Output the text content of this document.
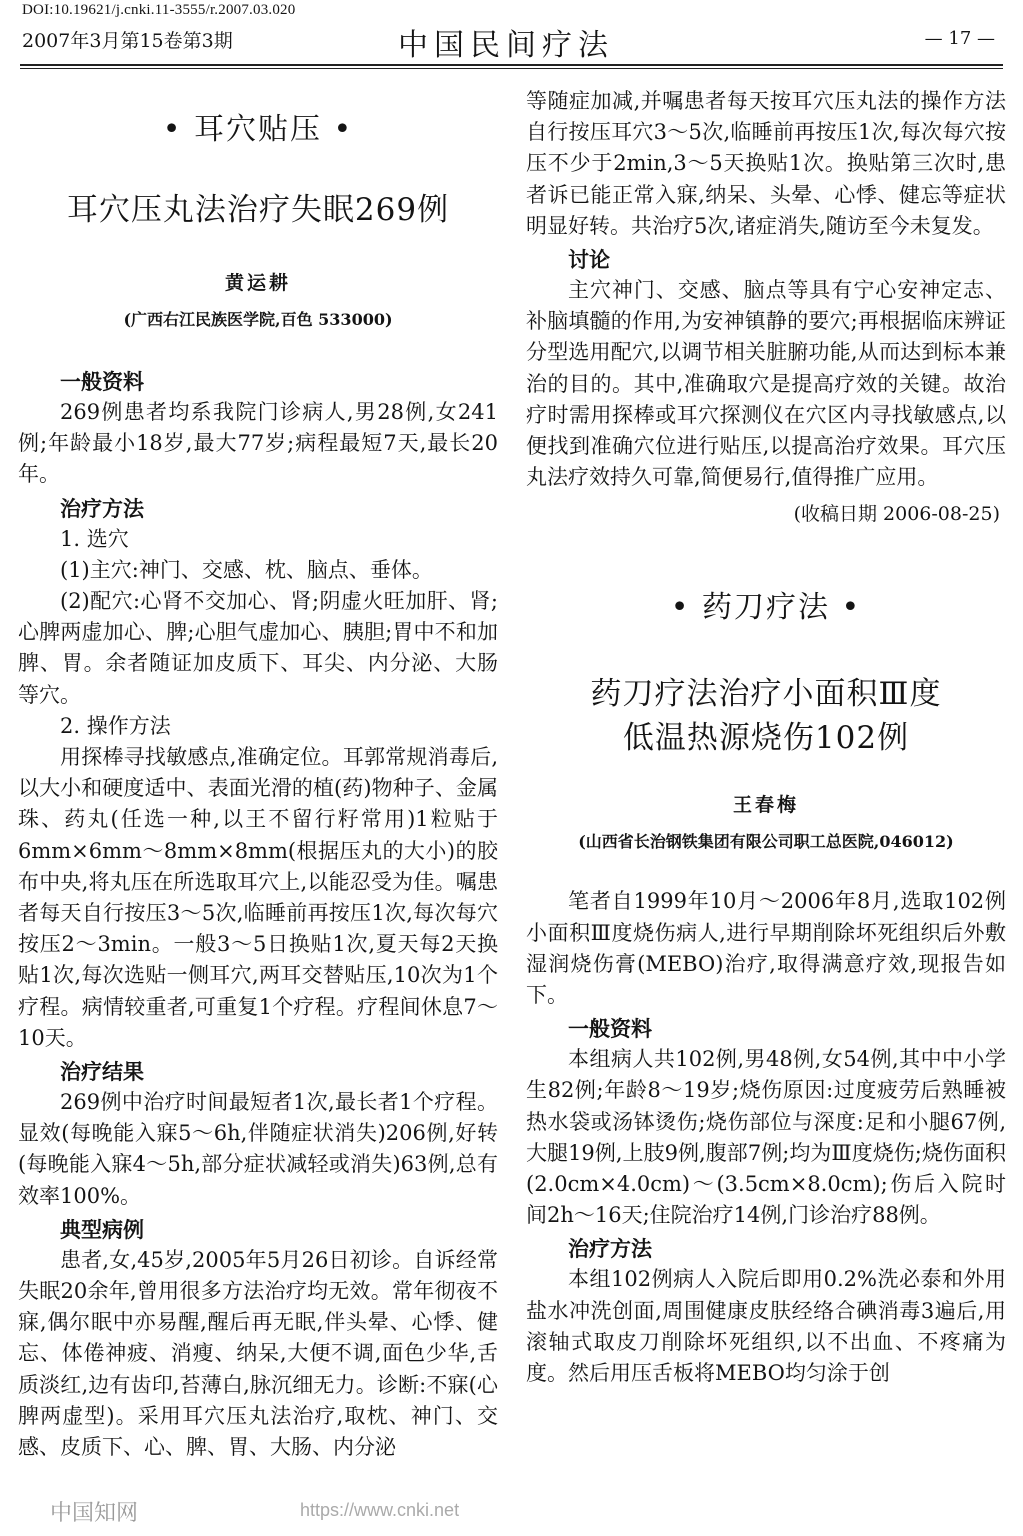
DOI:10.19621/j.cnki.11-3555/r.2007.03.020
2007年3月第15卷第3期	中国民间疗法	— 17 —

• 耳穴贴压 •

耳穴压丸法治疗失眠269例

黄运耕

(广西右江民族医学院,百色 533000)

一般资料

269例患者均系我院门诊病人,男28例,女241例;年龄最小18岁,最大77岁;病程最短7天,最长20年。

治疗方法

1. 选穴

(1)主穴:神门、交感、枕、脑点、垂体。

(2)配穴:心肾不交加心、肾;阴虚火旺加肝、肾;心脾两虚加心、脾;心胆气虚加心、胰胆;胃中不和加脾、胃。余者随证加皮质下、耳尖、内分泌、大肠等穴。

2. 操作方法

用探棒寻找敏感点,准确定位。耳郭常规消毒后,以大小和硬度适中、表面光滑的植(药)物种子、金属珠、药丸(任选一种,以王不留行籽常用)1粒贴于6mm×6mm～8mm×8mm(根据压丸的大小)的胶布中央,将丸压在所选取耳穴上,以能忍受为佳。嘱患者每天自行按压3～5次,临睡前再按压1次,每次每穴按压2～3min。一般3～5日换贴1次,夏天每2天换贴1次,每次选贴一侧耳穴,两耳交替贴压,10次为1个疗程。病情较重者,可重复1个疗程。疗程间休息7～10天。

治疗结果

269例中治疗时间最短者1次,最长者1个疗程。显效(每晚能入寐5～6h,伴随症状消失)206例,好转(每晚能入寐4～5h,部分症状减轻或消失)63例,总有效率100%。

典型病例

患者,女,45岁,2005年5月26日初诊。自诉经常失眠20余年,曾用很多方法治疗均无效。常年彻夜不寐,偶尔眠中亦易醒,醒后再无眠,伴头晕、心悸、健忘、体倦神疲、消瘦、纳呆,大便不调,面色少华,舌质淡红,边有齿印,苔薄白,脉沉细无力。诊断:不寐(心脾两虚型)。采用耳穴压丸法治疗,取枕、神门、交感、皮质下、心、脾、胃、大肠、内分泌

等随症加减,并嘱患者每天按耳穴压丸法的操作方法自行按压耳穴3～5次,临睡前再按压1次,每次每穴按压不少于2min,3～5天换贴1次。换贴第三次时,患者诉已能正常入寐,纳呆、头晕、心悸、健忘等症状明显好转。共治疗5次,诸症消失,随访至今未复发。

讨论

主穴神门、交感、脑点等具有宁心安神定志、补脑填髓的作用,为安神镇静的要穴;再根据临床辨证分型选用配穴,以调节相关脏腑功能,从而达到标本兼治的目的。其中,准确取穴是提高疗效的关键。故治疗时需用探棒或耳穴探测仪在穴区内寻找敏感点,以便找到准确穴位进行贴压,以提高治疗效果。耳穴压丸法疗效持久可靠,简便易行,值得推广应用。

(收稿日期 2006-08-25)

• 药刀疗法 •

药刀疗法治疗小面积Ⅲ度

低温热源烧伤102例

王春梅

(山西省长治钢铁集团有限公司职工总医院,046012)

笔者自1999年10月～2006年8月,选取102例小面积Ⅲ度烧伤病人,进行早期削除坏死组织后外敷湿润烧伤膏(MEBO)治疗,取得满意疗效,现报告如下。

一般资料

本组病人共102例,男48例,女54例,其中中小学生82例;年龄8～19岁;烧伤原因:过度疲劳后熟睡被热水袋或汤钵烫伤;烧伤部位与深度:足和小腿67例,大腿19例,上肢9例,腹部7例;均为Ⅲ度烧伤;烧伤面积(2.0cm×4.0cm)～(3.5cm×8.0cm);伤后入院时间2h～16天;住院治疗14例,门诊治疗88例。

治疗方法

本组102例病人入院后即用0.2%洗必泰和外用盐水冲洗创面,周围健康皮肤经络合碘消毒3遍后,用滚轴式取皮刀削除坏死组织,以不出血、不疼痛为度。然后用压舌板将MEBO均匀涂于创

中国知网	https://www.cnki.net
